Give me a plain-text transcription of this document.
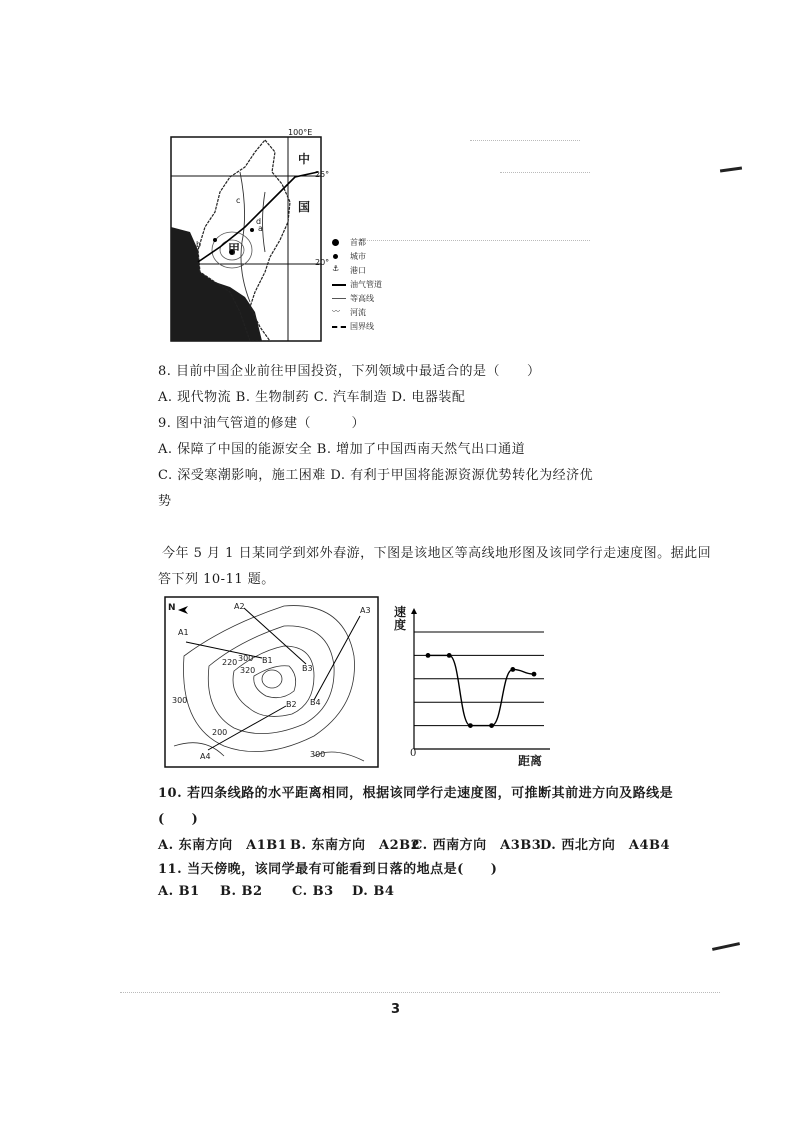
100°E
25°
20°
中
国
甲
a
b
c
d
首都
城市
⚓ 港口
油气管道
等高线
〰 河流
国界线
8. 目前中国企业前往甲国投资，下列领域中最适合的是（　　）
A. 现代物流 B. 生物制药 C. 汽车制造 D. 电器装配
9. 图中油气管道的修建（　　　）
A. 保障了中国的能源安全 B. 增加了中国西南天然气出口通道
C. 深受寒潮影响，施工困难 D. 有利于甲国将能源资源优势转化为经济优
势
今年 5 月 1 日某同学到郊外春游，下图是该地区等高线地形图及该同学行走速度图。据此回
答下列 10-11 题。
N
A1
A2	A3
A4
B1
B2
B3
B4
200
300
320
220
300
300
速度
0
距离
10. 若四条线路的水平距离相同，根据该同学行走速度图，可推断其前进方向及路线是
(　　)
A. 东南方向　A1B1 B. 东南方向　A2B2
C. 西南方向　A3B3
D. 西北方向　A4B4
11. 当天傍晚，该同学最有可能看到日落的地点是(　　)
A. B1 B. B2 C. B3 D. B4
3
